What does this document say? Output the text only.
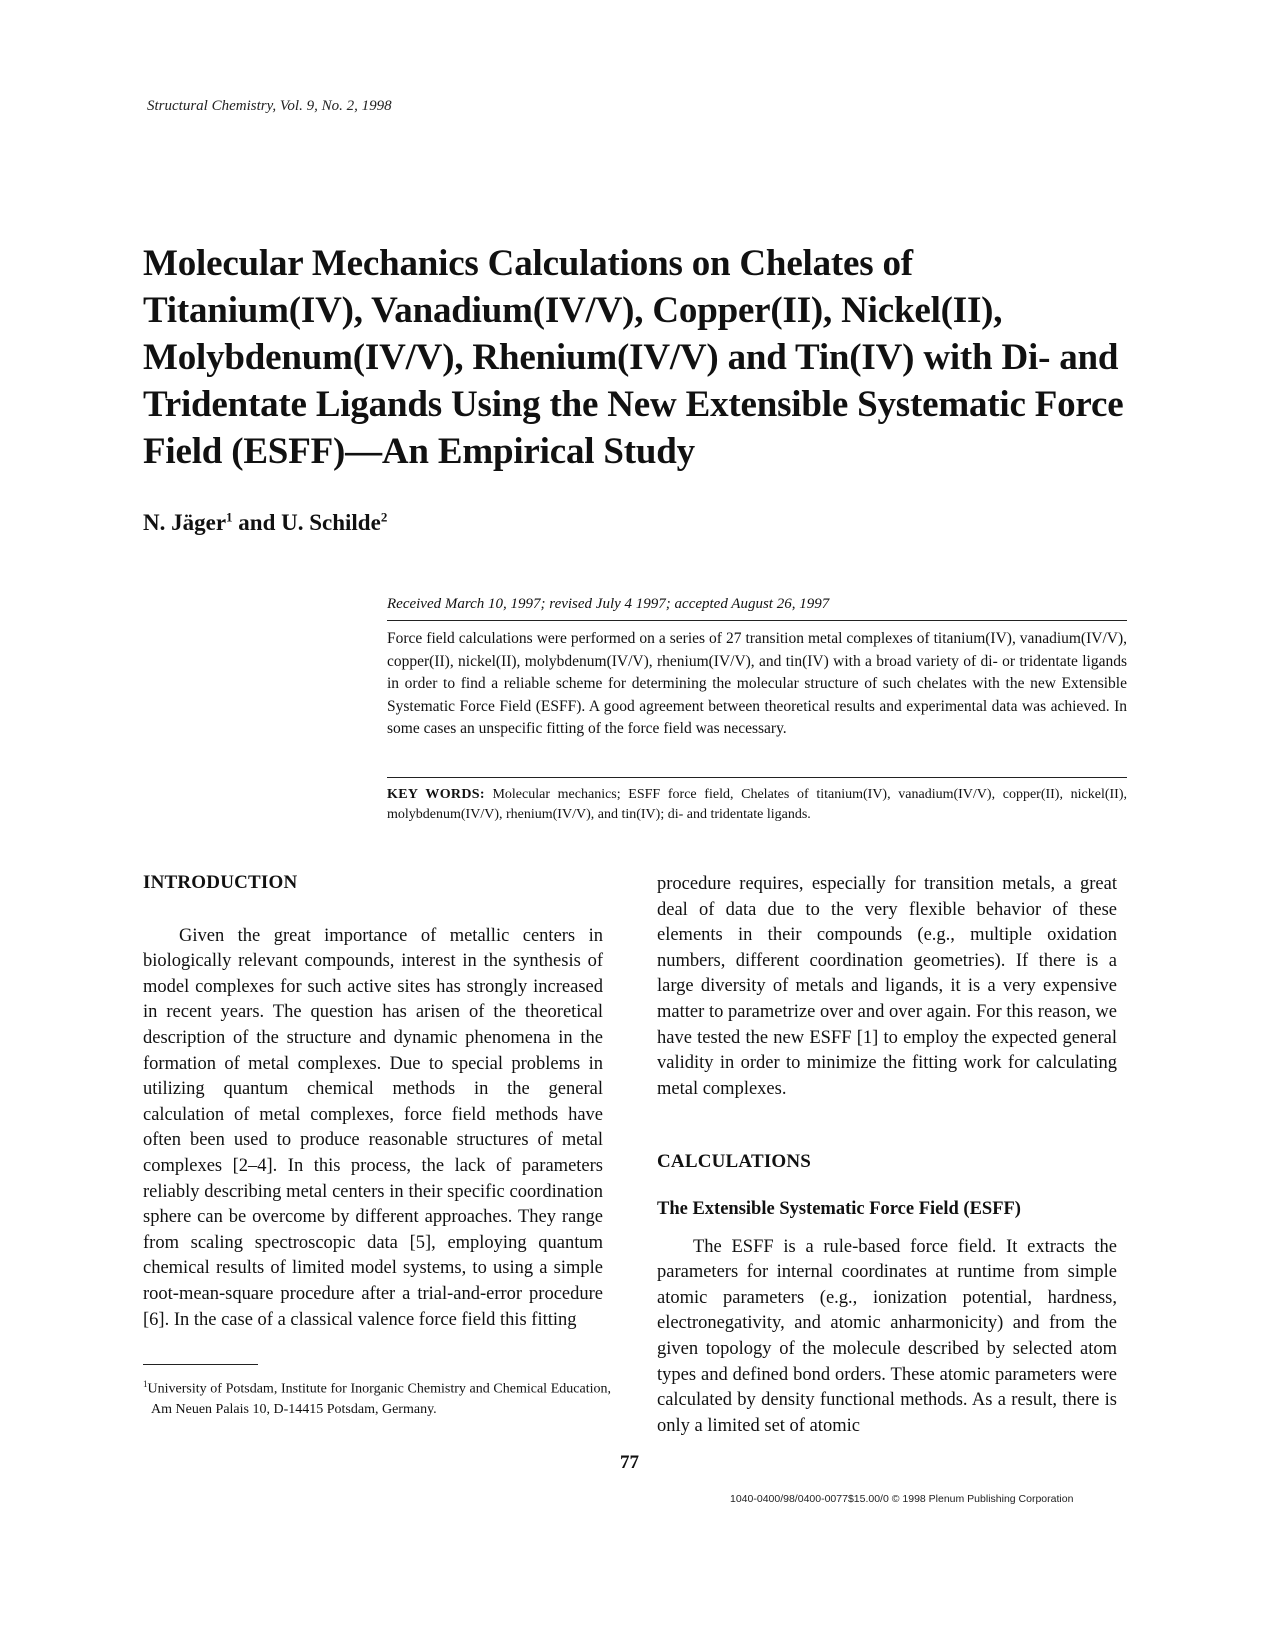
Structural Chemistry, Vol. 9, No. 2, 1998
Molecular Mechanics Calculations on Chelates of Titanium(IV), Vanadium(IV/V), Copper(II), Nickel(II), Molybdenum(IV/V), Rhenium(IV/V) and Tin(IV) with Di- and Tridentate Ligands Using the New Extensible Systematic Force Field (ESFF)—An Empirical Study
N. Jäger$^1$ and U. Schilde$^2$
Received March 10, 1997; revised July 4 1997; accepted August 26, 1997

Force field calculations were performed on a series of 27 transition metal complexes of titanium(IV), vanadium(IV/V), copper(II), nickel(II), molybdenum(IV/V), rhenium(IV/V), and tin(IV) with a broad variety of di- or tridentate ligands in order to find a reliable scheme for determining the molecular structure of such chelates with the new Extensible Systematic Force Field (ESFF). A good agreement between theoretical results and experimental data was achieved. In some cases an unspecific fitting of the force field was necessary.

KEY WORDS: Molecular mechanics; ESFF force field, Chelates of titanium(IV), vanadium(IV/V), copper(II), nickel(II), molybdenum(IV/V), rhenium(IV/V), and tin(IV); di- and tridentate ligands.

INTRODUCTION

Given the great importance of metallic centers in biologically relevant compounds, interest in the synthesis of model complexes for such active sites has strongly increased in recent years. The question has arisen of the theoretical description of the structure and dynamic phenomena in the formation of metal complexes. Due to special problems in utilizing quantum chemical methods in the general calculation of metal complexes, force field methods have often been used to produce reasonable structures of metal complexes [2–4]. In this process, the lack of parameters reliably describing metal centers in their specific coordination sphere can be overcome by different approaches. They range from scaling spectroscopic data [5], employing quantum chemical results of limited model systems, to using a simple root-mean-square procedure after a trial-and-error procedure [6]. In the case of a classical valence force field this fitting

procedure requires, especially for transition metals, a great deal of data due to the very flexible behavior of these elements in their compounds (e.g., multiple oxidation numbers, different coordination geometries). If there is a large diversity of metals and ligands, it is a very expensive matter to parametrize over and over again. For this reason, we have tested the new ESFF [1] to employ the expected general validity in order to minimize the fitting work for calculating metal complexes.

CALCULATIONS
The Extensible Systematic Force Field (ESFF)

The ESFF is a rule-based force field. It extracts the parameters for internal coordinates at runtime from simple atomic parameters (e.g., ionization potential, hardness, electronegativity, and atomic anharmonicity) and from the given topology of the molecule described by selected atom types and defined bond orders. These atomic parameters were calculated by density functional methods. As a result, there is only a limited set of atomic

$^1$University of Potsdam, Institute for Inorganic Chemistry and Chemical Education, Am Neuen Palais 10, D-14415 Potsdam, Germany.

77
1040-0400/98/0400-0077$15.00/0 © 1998 Plenum Publishing Corporation
